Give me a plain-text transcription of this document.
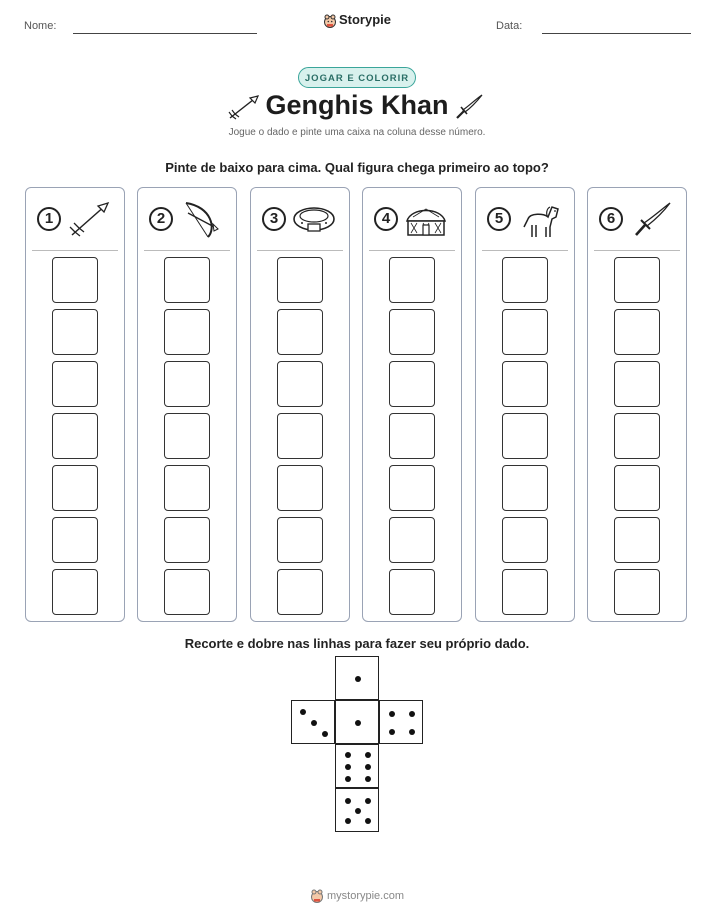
Nome:	Storypie	Data:
JOGAR E COLORIR
Genghis Khan
Jogue o dado e pinte uma caixa na coluna desse número.
Pinte de baixo para cima. Qual figura chega primeiro ao topo?
1	2	3	4	5	6
Recorte e dobre nas linhas para fazer seu próprio dado.
mystorypie.com
